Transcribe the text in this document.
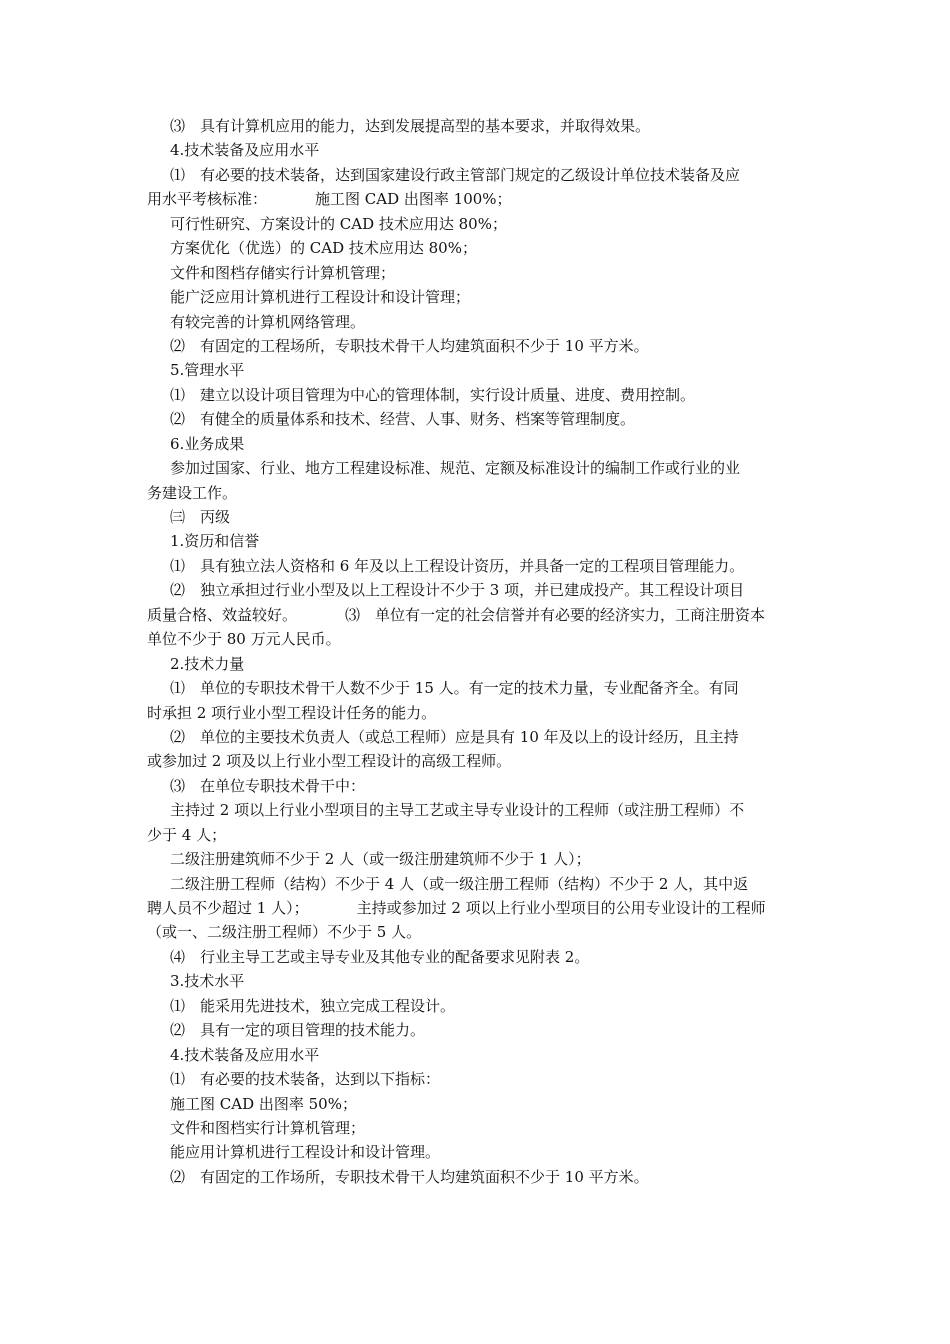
⑶　具有计算机应用的能力，达到发展提高型的基本要求，并取得效果。
4.技术装备及应用水平
⑴　有必要的技术装备，达到国家建设行政主管部门规定的乙级设计单位技术装备及应
用水平考核标准：	施工图 CAD 出图率 100%；
可行性研究、方案设计的 CAD 技术应用达 80%；
方案优化（优选）的 CAD 技术应用达 80%；
文件和图档存储实行计算机管理；
能广泛应用计算机进行工程设计和设计管理；
有较完善的计算机网络管理。
⑵　有固定的工程场所，专职技术骨干人均建筑面积不少于 10 平方米。
5.管理水平
⑴　建立以设计项目管理为中心的管理体制，实行设计质量、进度、费用控制。
⑵　有健全的质量体系和技术、经营、人事、财务、档案等管理制度。
6.业务成果
参加过国家、行业、地方工程建设标准、规范、定额及标准设计的编制工作或行业的业
务建设工作。
㈢　丙级
1.资历和信誉
⑴　具有独立法人资格和 6 年及以上工程设计资历，并具备一定的工程项目管理能力。
⑵　独立承担过行业小型及以上工程设计不少于 3 项，并已建成投产。其工程设计项目
质量合格、效益较好。	⑶　单位有一定的社会信誉并有必要的经济实力，工商注册资本
单位不少于 80 万元人民币。
2.技术力量
⑴　单位的专职技术骨干人数不少于 15 人。有一定的技术力量，专业配备齐全。有同
时承担 2 项行业小型工程设计任务的能力。
⑵　单位的主要技术负责人（或总工程师）应是具有 10 年及以上的设计经历，且主持
或参加过 2 项及以上行业小型工程设计的高级工程师。
⑶　在单位专职技术骨干中：
主持过 2 项以上行业小型项目的主导工艺或主导专业设计的工程师（或注册工程师）不
少于 4 人；
二级注册建筑师不少于 2 人（或一级注册建筑师不少于 1 人）；
二级注册工程师（结构）不少于 4 人（或一级注册工程师（结构）不少于 2 人，其中返
聘人员不少超过 1 人）；	主持或参加过 2 项以上行业小型项目的公用专业设计的工程师
（或一、二级注册工程师）不少于 5 人。
⑷　行业主导工艺或主导专业及其他专业的配备要求见附表 2。
3.技术水平
⑴　能采用先进技术，独立完成工程设计。
⑵　具有一定的项目管理的技术能力。
4.技术装备及应用水平
⑴　有必要的技术装备，达到以下指标：
施工图 CAD 出图率 50%；
文件和图档实行计算机管理；
能应用计算机进行工程设计和设计管理。
⑵　有固定的工作场所，专职技术骨干人均建筑面积不少于 10 平方米。
